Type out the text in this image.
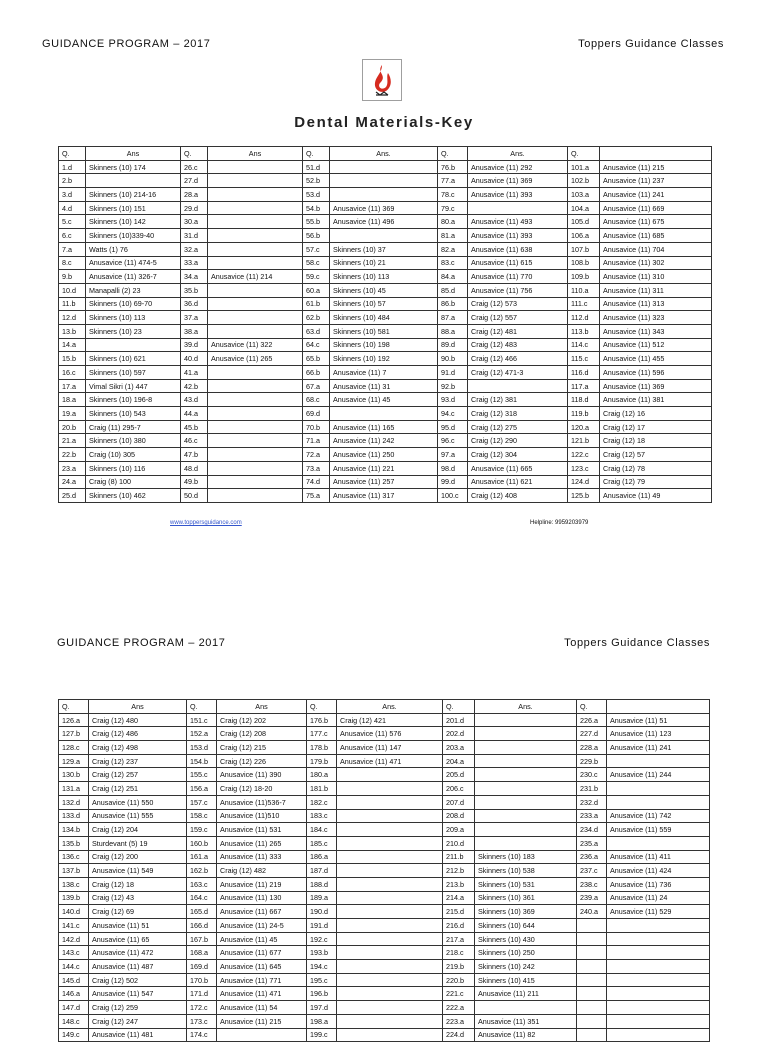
GUIDANCE PROGRAM – 2017	Toppers Guidance Classes
Dental Materials-Key
Q.	Ans	Q.	Ans	Q.	Ans.	Q.	Ans.	Q.	
1.d	Skinners (10) 174	26.c		51.d		76.b	Anusavice (11) 292	101.a	Anusavice (11) 215
2.b		27.d		52.b		77.a	Anusavice (11) 369	102.b	Anusavice (11) 237
3.d	Skinners (10) 214-16	28.a		53.d		78.c	Anusavice (11) 393	103.a	Anusavice (11) 241
4.d	Skinners (10) 151	29.d		54.b	Anusavice (11) 369	79.c		104.a	Anusavice (11) 669
5.c	Skinners (10) 142	30.a		55.b	Anusavice (11) 496	80.a	Anusavice (11) 493	105.d	Anusavice (11) 675
6.c	Skinners (10)339-40	31.d		56.b		81.a	Anusavice (11) 393	106.a	Anusavice (11) 685
7.a	Watts (1) 76	32.a		57.c	Skinners (10) 37	82.a	Anusavice (11) 638	107.b	Anusavice (11) 704
8.c	Anusavice (11) 474-5	33.a		58.c	Skinners (10) 21	83.c	Anusavice (11) 615	108.b	Anusavice (11) 302
9.b	Anusavice (11) 326-7	34.a	Anusavice (11) 214	59.c	Skinners (10) 113	84.a	Anusavice (11) 770	109.b	Anusavice (11) 310
10.d	Manapalli (2) 23	35.b		60.a	Skinners (10) 45	85.d	Anusavice (11) 756	110.a	Anusavice (11) 311
11.b	Skinners (10) 69-70	36.d		61.b	Skinners (10) 57	86.b	Craig (12) 573	111.c	Anusavice (11) 313
12.d	Skinners (10) 113	37.a		62.b	Skinners (10) 484	87.a	Craig (12) 557	112.d	Anusavice (11) 323
13.b	Skinners (10) 23	38.a		63.d	Skinners (10) 581	88.a	Craig (12) 481	113.b	Anusavice (11) 343
14.a		39.d	Anusavice (11) 322	64.c	Skinners (10) 198	89.d	Craig (12) 483	114.c	Anusavice (11) 512
15.b	Skinners (10) 621	40.d	Anusavice (11) 265	65.b	Skinners (10) 192	90.b	Craig (12) 466	115.c	Anusavice (11) 455
16.c	Skinners (10) 597	41.a		66.b	Anusavice (11) 7	91.d	Craig (12) 471-3	116.d	Anusavice (11) 596
17.a	Vimal Sikri (1) 447	42.b		67.a	Anusavice (11) 31	92.b		117.a	Anusavice (11) 369
18.a	Skinners (10) 196-8	43.d		68.c	Anusavice (11) 45	93.d	Craig (12) 381	118.d	Anusavice (11) 381
19.a	Skinners (10) 543	44.a		69.d		94.c	Craig (12) 318	119.b	Craig (12) 16
20.b	Craig (11) 295-7	45.b		70.b	Anusavice (11) 165	95.d	Craig (12) 275	120.a	Craig (12) 17
21.a	Skinners (10) 380	46.c		71.a	Anusavice (11) 242	96.c	Craig (12) 290	121.b	Craig (12) 18
22.b	Craig (10) 305	47.b		72.a	Anusavice (11) 250	97.a	Craig (12) 304	122.c	Craig (12) 57
23.a	Skinners (10) 116	48.d		73.a	Anusavice (11) 221	98.d	Anusavice (11) 665	123.c	Craig (12) 78
24.a	Craig (8) 100	49.b		74.d	Anusavice (11) 257	99.d	Anusavice (11) 621	124.d	Craig (12) 79
25.d	Skinners (10) 462	50.d		75.a	Anusavice (11) 317	100.c	Craig (12) 408	125.b	Anusavice (11) 49
www.toppersguidance.com	Helpline: 9959203979
GUIDANCE PROGRAM – 2017	Toppers Guidance Classes
Q.	Ans	Q.	Ans	Q.	Ans.	Q.	Ans.	Q.	
126.a	Craig (12) 480	151.c	Craig (12) 202	176.b	Craig (12) 421	201.d		226.a	Anusavice (11) 51
127.b	Craig (12) 486	152.a	Craig (12) 208	177.c	Anusavice (11) 576	202.d		227.d	Anusavice (11) 123
128.c	Craig (12) 498	153.d	Craig (12) 215	178.b	Anusavice (11) 147	203.a		228.a	Anusavice (11) 241
129.a	Craig (12) 237	154.b	Craig (12) 226	179.b	Anusavice (11) 471	204.a		229.b	
130.b	Craig (12) 257	155.c	Anusavice (11) 390	180.a		205.d		230.c	Anusavice (11) 244
131.a	Craig (12) 251	156.a	Craig (12) 18-20	181.b		206.c		231.b	
132.d	Anusavice (11) 550	157.c	Anusavice (11)536-7	182.c		207.d		232.d	
133.d	Anusavice (11) 555	158.c	Anusavice (11)510	183.c		208.d		233.a	Anusavice (11) 742
134.b	Craig (12) 204	159.c	Anusavice (11) 531	184.c		209.a		234.d	Anusavice (11) 559
135.b	Sturdevant (5) 19	160.b	Anusavice (11) 265	185.c		210.d		235.a	
136.c	Craig (12) 200	161.a	Anusavice (11) 333	186.a		211.b	Skinners (10) 183	236.a	Anusavice (11) 411
137.b	Anusavice (11) 549	162.b	Craig (12) 482	187.d		212.b	Skinners (10) 538	237.c	Anusavice (11) 424
138.c	Craig (12) 18	163.c	Anusavice (11) 219	188.d		213.b	Skinners (10) 531	238.c	Anusavice (11) 736
139.b	Craig (12) 43	164.c	Anusavice (11) 130	189.a		214.a	Skinners (10) 361	239.a	Anusavice (11) 24
140.d	Craig (12) 69	165.d	Anusavice (11) 667	190.d		215.d	Skinners (10) 369	240.a	Anusavice (11) 529
141.c	Anusavice (11) 51	166.d	Anusavice (11) 24-5	191.d		216.d	Skinners (10) 644		
142.d	Anusavice (11) 65	167.b	Anusavice (11) 45	192.c		217.a	Skinners (10) 430		
143.c	Anusavice (11) 472	168.a	Anusavice (11) 677	193.b		218.c	Skinners (10) 250		
144.c	Anusavice (11) 487	169.d	Anusavice (11) 645	194.c		219.b	Skinners (10) 242		
145.d	Craig (12) 502	170.b	Anusavice (11) 771	195.c		220.b	Skinners (10) 415		
146.a	Anusavice (11) 547	171.d	Anusavice (11) 471	196.b		221.c	Anusavice (11) 211		
147.d	Craig (12) 259	172.c	Anusavice (11) 54	197.d		222.a			
148.c	Craig (12) 247	173.c	Anusavice (11) 215	198.a		223.a	Anusavice (11) 351		
149.c	Anusavice (11) 481	174.c		199.c		224.d	Anusavice (11) 82		
